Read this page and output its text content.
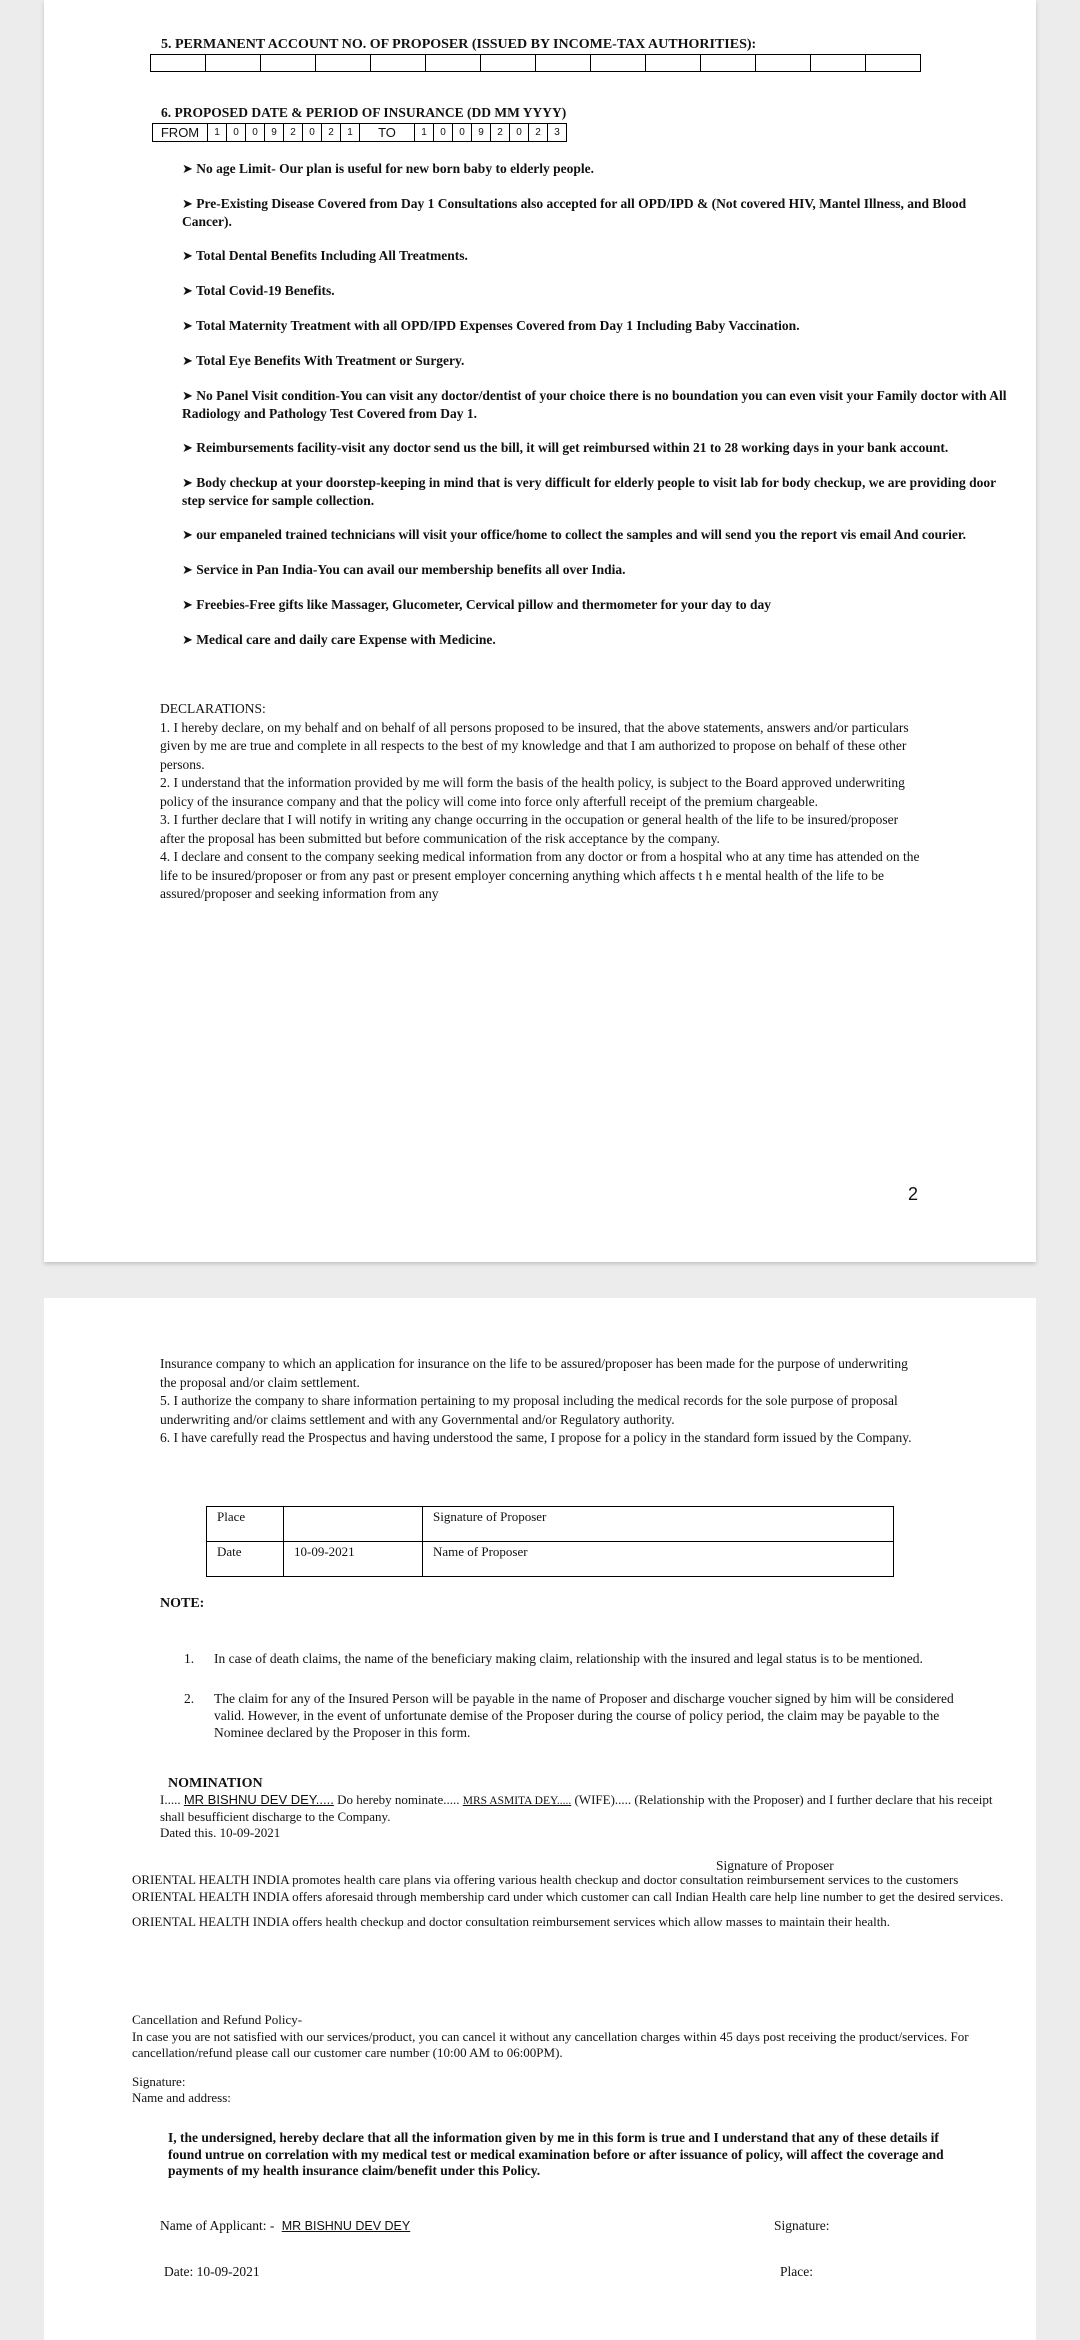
5. PERMANENT ACCOUNT NO. OF PROPOSER (ISSUED BY INCOME-TAX AUTHORITIES):
6. PROPOSED DATE & PERIOD OF INSURANCE (DD MM YYYY)
FROM	1	0	0	9	2	0	2	1	TO	1	0	0	9	2	0	2	3
➤ No age Limit- Our plan is useful for new born baby to elderly people.
➤ Pre-Existing Disease Covered from Day 1 Consultations also accepted for all OPD/IPD & (Not covered HIV, Mantel Illness, and Blood Cancer).
➤ Total Dental Benefits Including All Treatments.
➤ Total Covid-19 Benefits.
➤ Total Maternity Treatment with all OPD/IPD Expenses Covered from Day 1 Including Baby Vaccination.
➤ Total Eye Benefits With Treatment or Surgery.
➤ No Panel Visit condition-You can visit any doctor/dentist of your choice there is no boundation you can even visit your Family doctor with All Radiology and Pathology Test Covered from Day 1.
➤ Reimbursements facility-visit any doctor send us the bill, it will get reimbursed within 21 to 28 working days in your bank account.
➤ Body checkup at your doorstep-keeping in mind that is very difficult for elderly people to visit lab for body checkup, we are providing door step service for sample collection.
➤ our empaneled trained technicians will visit your office/home to collect the samples and will send you the report vis email And courier.
➤ Service in Pan India-You can avail our membership benefits all over India.
➤ Freebies-Free gifts like Massager, Glucometer, Cervical pillow and thermometer for your day to day
➤ Medical care and daily care Expense with Medicine.
DECLARATIONS:
1. I hereby declare, on my behalf and on behalf of all persons proposed to be insured, that the above statements, answers and/or particulars given by me are true and complete in all respects to the best of my knowledge and that I am authorized to propose on behalf of these other persons.
2. I understand that the information provided by me will form the basis of the health policy, is subject to the Board approved underwriting policy of the insurance company and that the policy will come into force only afterfull receipt of the premium chargeable.
3. I further declare that I will notify in writing any change occurring in the occupation or general health of the life to be insured/proposer after the proposal has been submitted but before communication of the risk acceptance by the company.
4. I declare and consent to the company seeking medical information from any doctor or from a hospital who at any time has attended on the life to be insured/proposer or from any past or present employer concerning anything which affects t h e mental health of the life to be assured/proposer and seeking information from any
2
Insurance company to which an application for insurance on the life to be assured/proposer has been made for the purpose of underwriting the proposal and/or claim settlement.
5. I authorize the company to share information pertaining to my proposal including the medical records for the sole purpose of proposal underwriting and/or claims settlement and with any Governmental and/or Regulatory authority.
6. I have carefully read the Prospectus and having understood the same, I propose for a policy in the standard form issued by the Company.
Place		Signature of Proposer
Date	10-09-2021	Name of Proposer
NOTE:
1.	In case of death claims, the name of the beneficiary making claim, relationship with the insured and legal status is to be mentioned.
2.	The claim for any of the Insured Person will be payable in the name of Proposer and discharge voucher signed by him will be considered valid. However, in the event of unfortunate demise of the Proposer during the course of policy period, the claim may be payable to the Nominee declared by the Proposer in this form.
NOMINATION
I..... MR BISHNU DEV DEY..... Do hereby nominate..... MRS ASMITA DEY..... (WIFE)..... (Relationship with the Proposer) and I further declare that his receipt shall besufficient discharge to the Company.
Dated this. 10-09-2021
Signature of Proposer
ORIENTAL HEALTH INDIA promotes health care plans via offering various health checkup and doctor consultation reimbursement services to the customers ORIENTAL HEALTH INDIA offers aforesaid through membership card under which customer can call Indian Health care help line number to get the desired services.
ORIENTAL HEALTH INDIA offers health checkup and doctor consultation reimbursement services which allow masses to maintain their health.
Cancellation and Refund Policy-
In case you are not satisfied with our services/product, you can cancel it without any cancellation charges within 45 days post receiving the product/services. For cancellation/refund please call our customer care number (10:00 AM to 06:00PM).
Signature:
Name and address:
I, the undersigned, hereby declare that all the information given by me in this form is true and I understand that any of these details if found untrue on correlation with my medical test or medical examination before or after issuance of policy, will affect the coverage and payments of my health insurance claim/benefit under this Policy.
Name of Applicant: - MR BISHNU DEV DEY	Signature:
Date: 10-09-2021	Place:
